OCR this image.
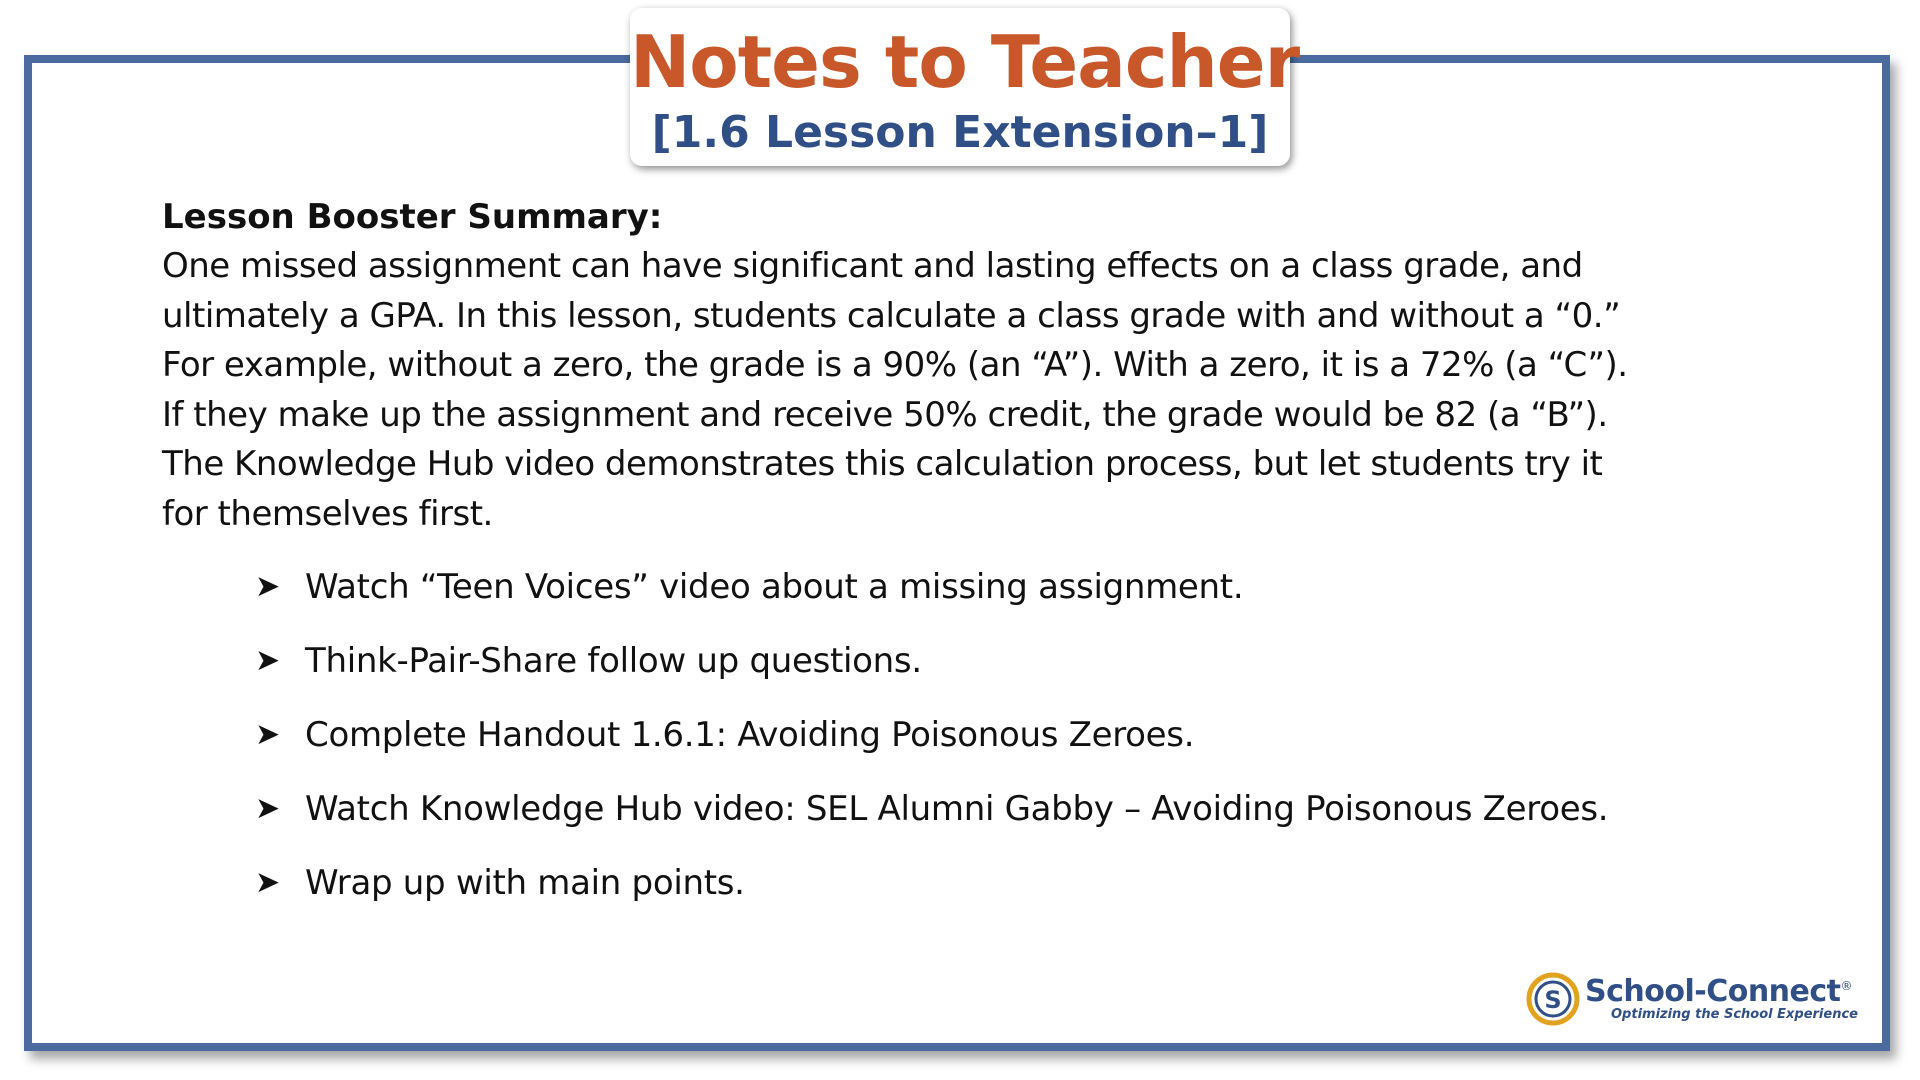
Notes to Teacher
[1.6 Lesson Extension–1]

Lesson Booster Summary:

One missed assignment can have significant and lasting effects on a class grade, and
ultimately a GPA. In this lesson, students calculate a class grade with and without a “0.”
For example, without a zero, the grade is a 90% (an “A”). With a zero, it is a 72% (a “C”).
If they make up the assignment and receive 50% credit, the grade would be 82 (a “B”).
The Knowledge Hub video demonstrates this calculation process, but let students try it
for themselves first.

➤ Watch “Teen Voices” video about a missing assignment.
➤ Think-Pair-Share follow up questions.
➤ Complete Handout 1.6.1: Avoiding Poisonous Zeroes.
➤ Watch Knowledge Hub video: SEL Alumni Gabby – Avoiding Poisonous Zeroes.
➤ Wrap up with main points.
S School-Connect®
Optimizing the School Experience
